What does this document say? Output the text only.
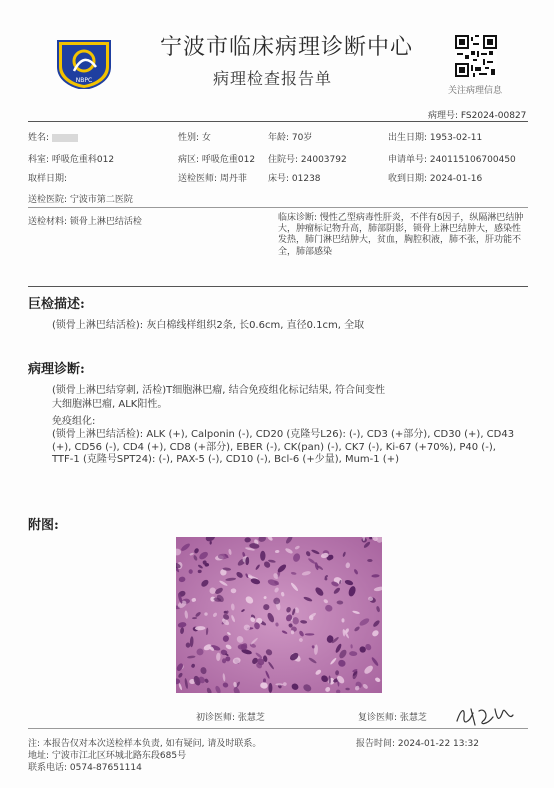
NBPC
宁波市临床病理诊断中心
病理检查报告单
关注病理信息
病理号: FS2024-00827
姓名:	性别: 女	年龄: 70岁	出生日期: 1953-02-11
科室: 呼吸危重科012	病区: 呼吸危重012 住院号: 24003792	申请单号: 240115106700450
取样日期:	送检医师: 周丹菲 床号: 01238	收到日期: 2024-01-16
送检医院: 宁波市第二医院
送检材料: 锁骨上淋巴结活检	临床诊断: 慢性乙型病毒性肝炎，不伴有δ因子，纵隔淋巴结肿大，肿瘤标记物升高，肺部阴影，锁骨上淋巴结肿大，感染性发热，肺门淋巴结肿大，贫血，胸腔积液，肺不张，肝功能不全，肺部感染
巨检描述:
(锁骨上淋巴结活检): 灰白棉线样组织2条, 长0.6cm, 直径0.1cm, 全取
病理诊断:
(锁骨上淋巴结穿刺, 活检)T细胞淋巴瘤, 结合免疫组化标记结果, 符合间变性
大细胞淋巴瘤, ALK阳性。
免疫组化:
(锁骨上淋巴结活检): ALK (+), Calponin (-), CD20 (克隆号L26): (-), CD3 (+部分), CD30 (+), CD43 (+), CD56 (-), CD4 (+), CD8 (+部分), EBER (-), CK(pan) (-), CK7 (-), Ki-67 (+70%), P40 (-), TTF-1 (克隆号SPT24): (-), PAX-5 (-), CD10 (-), Bcl-6 (+少量), Mum-1 (+)
附图:
初诊医师: 张慧芝	复诊医师: 张慧芝
注: 本报告仅对本次送检样本负责, 如有疑问, 请及时联系。	报告时间: 2024-01-22 13:32
地址: 宁波市江北区环城北路东段685号
联系电话: 0574-87651114
